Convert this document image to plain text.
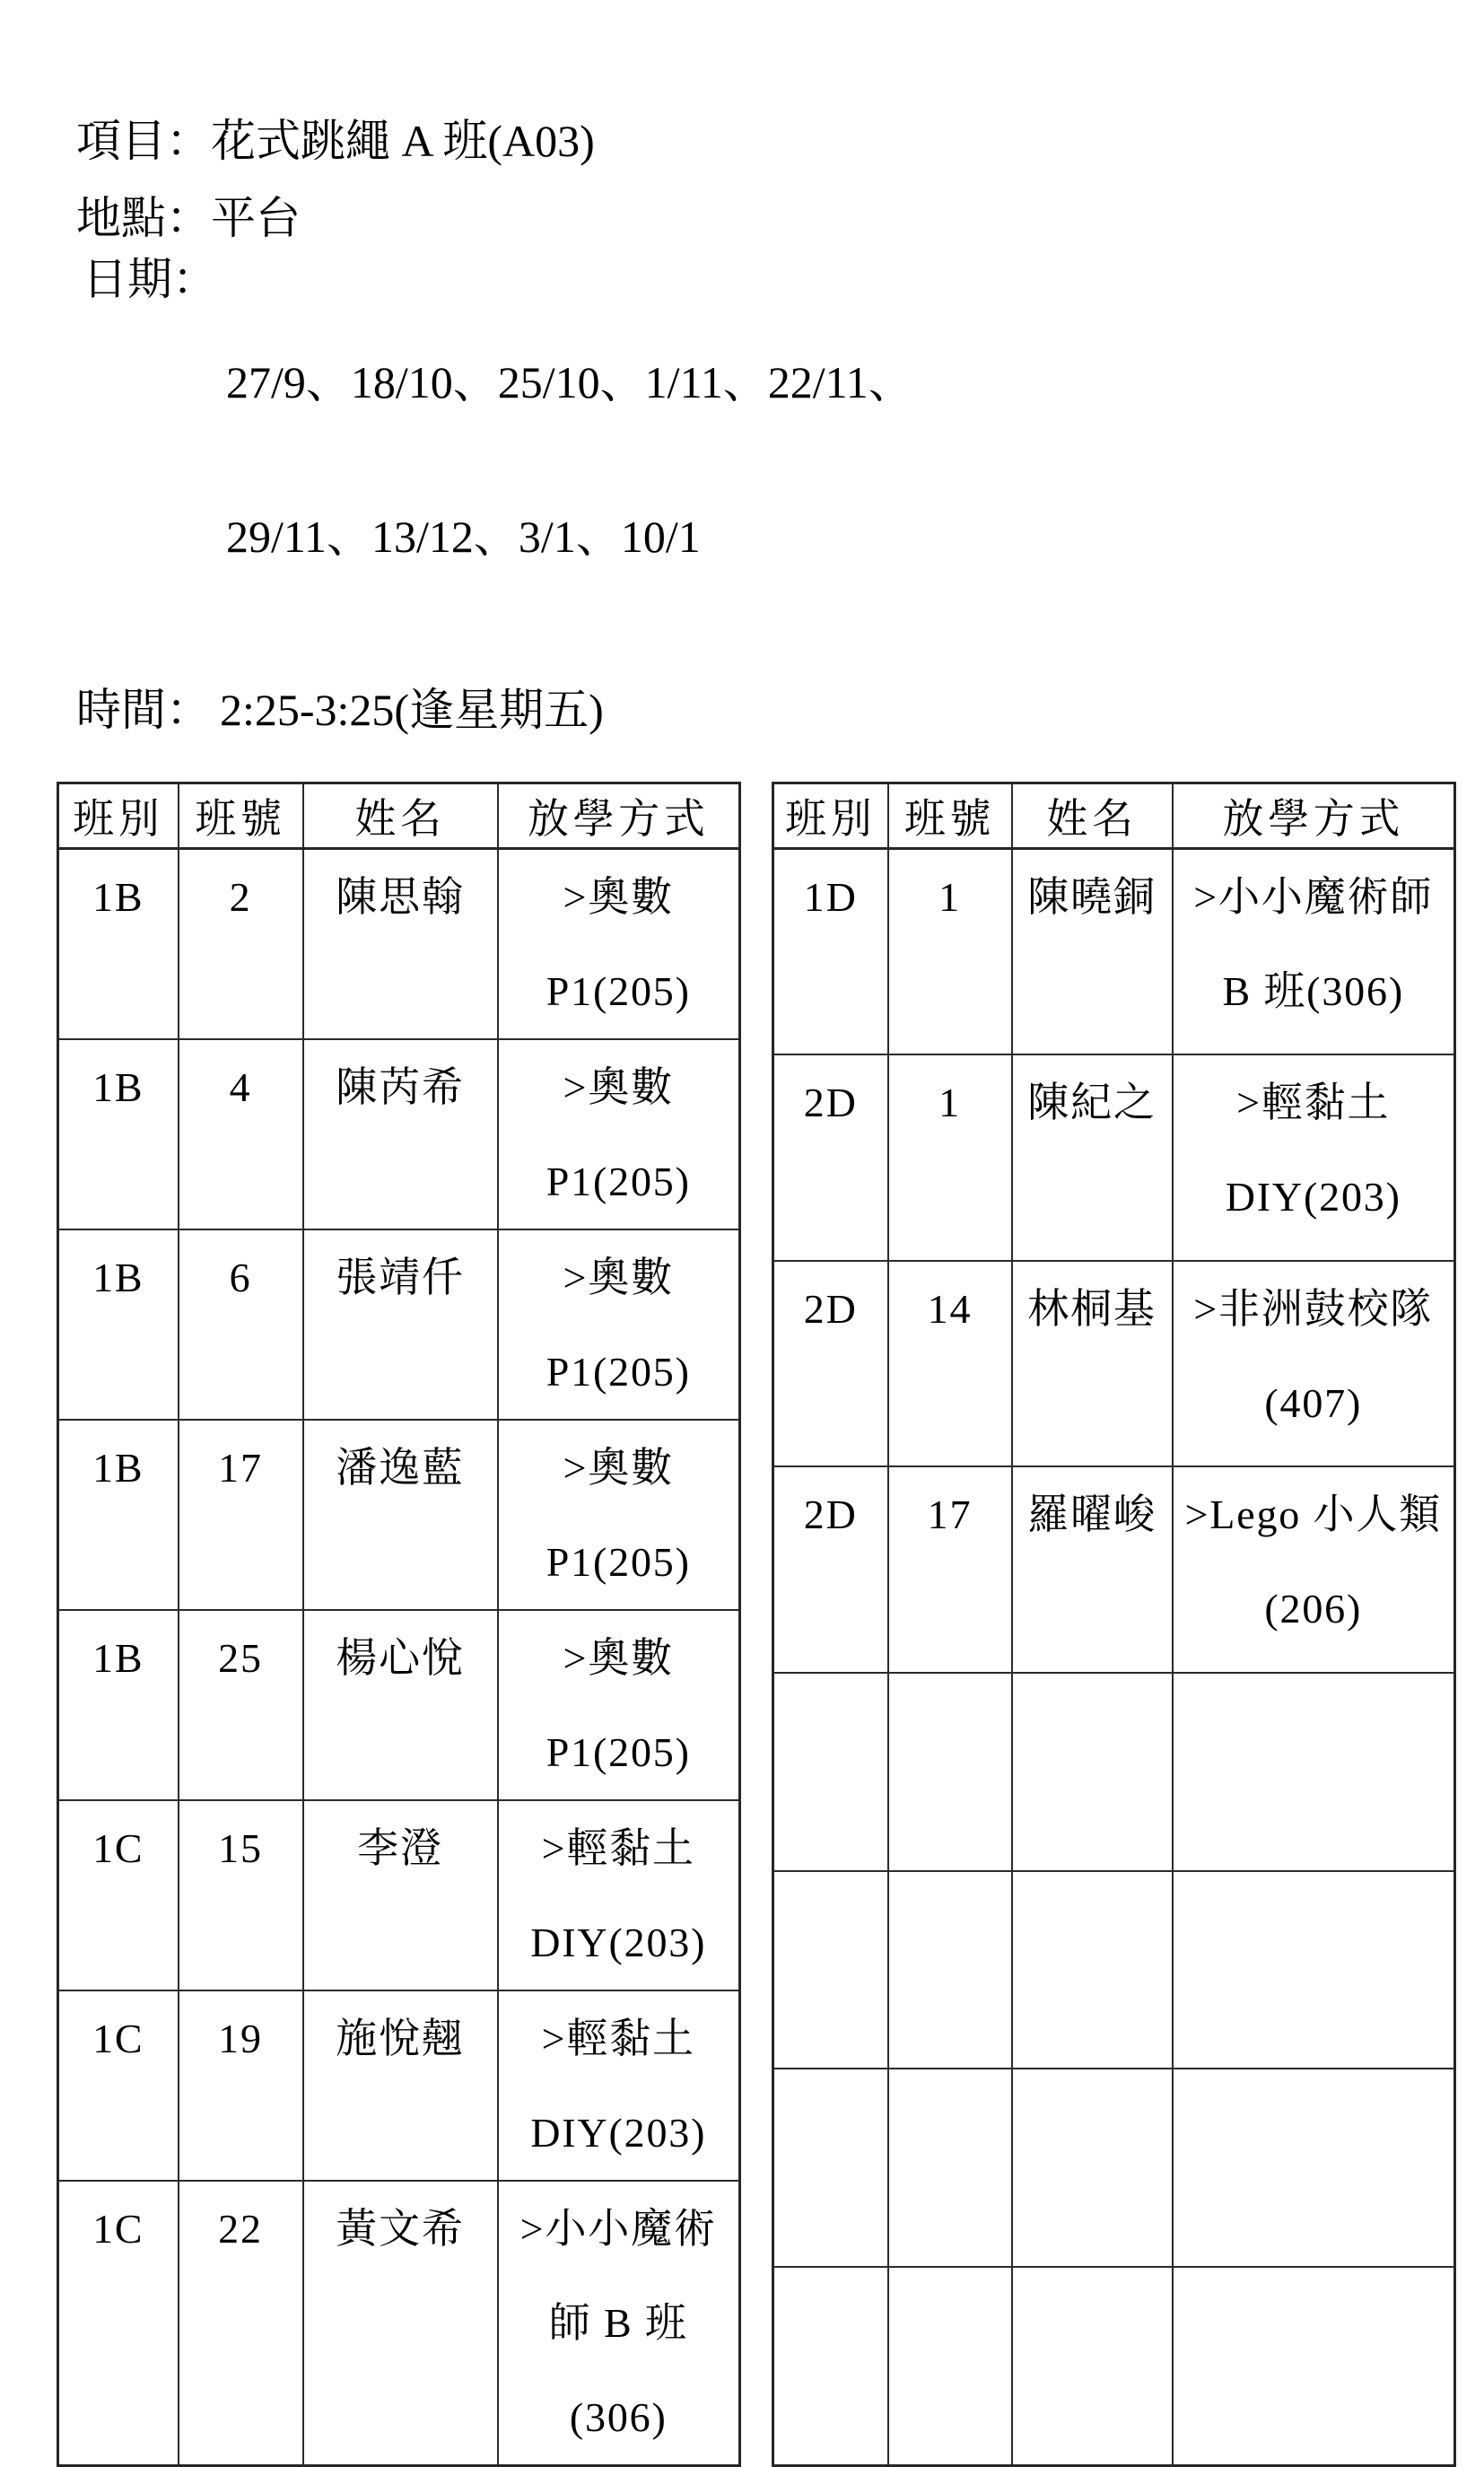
項目： 花式跳繩 A 班(A03)
地點： 平台
日期：

27/9、18/10、25/10、1/11、22/11、

29/11、13/12、3/1、10/1

時間： 2:25-3:25(逢星期五)
班別	班號	姓名	放學方式
1B	2	陳思翰	>奧數
P1(205)

1B	4	陳芮希	>奧數
P1(205)

1B	6	張靖仟	>奧數
P1(205)

1B	17	潘逸藍	>奧數
P1(205)

1B	25	楊心悅	>奧數
P1(205)

1C	15	李澄	>輕黏土
DIY(203)

1C	19	施悅翹	>輕黏土
DIY(203)

1C	22	黃文希	>小小魔術
師 B 班(306)
班別	班號	姓名	放學方式
1D	1	陳曉銅	>小小魔術師
B 班(306)

2D	1	陳紀之	>輕黏土
DIY(203)

2D	14	林桐基	>非洲鼓校隊
(407)

2D	17	羅曜峻	>Lego 小人類
(206)
